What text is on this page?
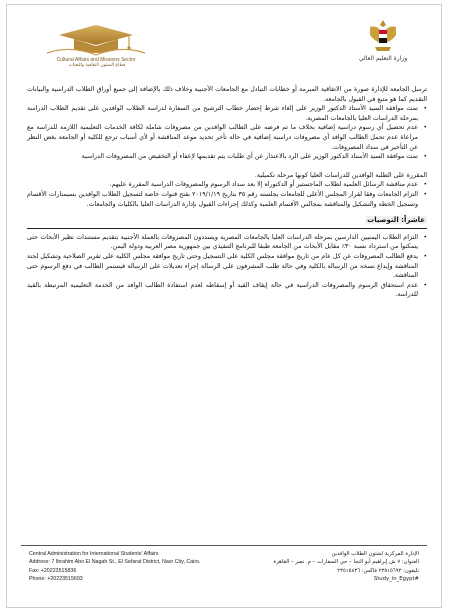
Cultural Affairs and Missions Sector
قطاع الشئون الثقافية والبعثات
وزارة التعليم العالي

ترسل الجامعة للإدارة صورة من الاتفاقية المبرمة أو خطابات التبادل مع الجامعات الأجنبية وخلاف ذلك بالإضافة إلى جميع أوراق الطلاب الدراسية والبيانات التقديم كما هو متبع في القبول بالجامعة.

•
تمت موافقة السيد الأستاذ الدكتور الوزير على إلغاء شرط إحضار خطاب الترشيح من السفارة لدراسة الطلاب الوافدين على تقديم الطلاب الدراسة بمرحلة الدراسات العليا بالجامعات المصرية.
•
عدم تحصيل أي رسوم دراسية إضافية بخلاف ما تم فرضه على الطالب الوافدين من مصروفات شاملة لكافة الخدمات التعليمية اللازمة للدراسة مع مراعاة عدم تحمل الطالب الوافد أي مصروفات دراسية إضافية في حالة تأخر تحديد موعد المناقشة أو لأي أسباب ترجع للكلية أو الجامعة بغض النظر عن التأخير في سداد المصروفات.
•
تمت موافقة السيد الأستاذ الدكتور الوزير على الرد بالاعتذار عن أي طلبات يتم تقديمها لإعفاء أو التخفيض من المصروفات الدراسية

المقررة على الطلبة الوافدين للدراسات العليا كونها مرحلة تكميلية.

•
عدم مناقشة الرسائل العلمية لطلاب الماجستير أو الدكتوراه إلا بعد سداد الرسوم والمصروفات الدراسية المقررة عليهم.
•
التزام الجامعات وفقا لقرار المجلس الأعلى للجامعات بجلسته رقم ٣٥ بتاريخ ٢٠١٩/١/١٩ بفتح قنوات خاصة لتسجيل الطلاب الوافدين بسيمنارات الأقسام وتسجيل الخطة والتشكيل والمناقشة بمجالس الأقسام العلمية وكذلك إجراءات القبول بإدارة الدراسات العليا بالكليات والجامعات.
عاشراً: التوصيات
•
التزام الطلاب اليمنيين الدارسين بمرحلة الدراسات العليا بالجامعات المصرية ويسددون المصروفات بالعملة الأجنبية بتقديم مستندات نظير الأبحاث حتى يتمكنوا من استرداد نسبة ٣٠٪ مقابل الأبحاث من الجامعة طبقا للبرنامج التنفيذي بين جمهورية مصر العربية ودولة اليمن.
•
يدفع الطالب المصروفات عن كل عام من تاريخ موافقة مجلس الكلية على التسجيل وحتى تاريخ موافقة مجلس الكلية على تقرير الصلاحية وتشكيل لجنة المناقشة وإيداع نسخة من الرسالة بالكلية وفي حالة طلب المشرفون على الرسالة إجراء تعديلات على الرسالة فيستمر الطالب في دفع الرسوم حتى المناقشة.
•
عدم استحقاق الرسوم والمصروفات الدراسية في حالة إيقاف القيد أو إسقاطه لعدم استفادة الطالب الوافد من الخدمة التعليمية المرتبطة بالقيد للدراسة.
Central Administration for International Students' Affairs
Address: 7 Ibrahim Abo El Nagah St., El Sefarat District, Nasr City, Cairo.
Fax: +20223515836
Phone: +20223515693
الإدارة المركزية لشئون الطلاب الوافدين
العنوان: ٧ ش إبراهيم أبو النجا – حي السفارات – م. نصر – القاهرة
تليفون: ٢٣٥١٥٦٩٣ فاكس: ٢٣٥١٥٨٣٦
#Study_in_Egypt
